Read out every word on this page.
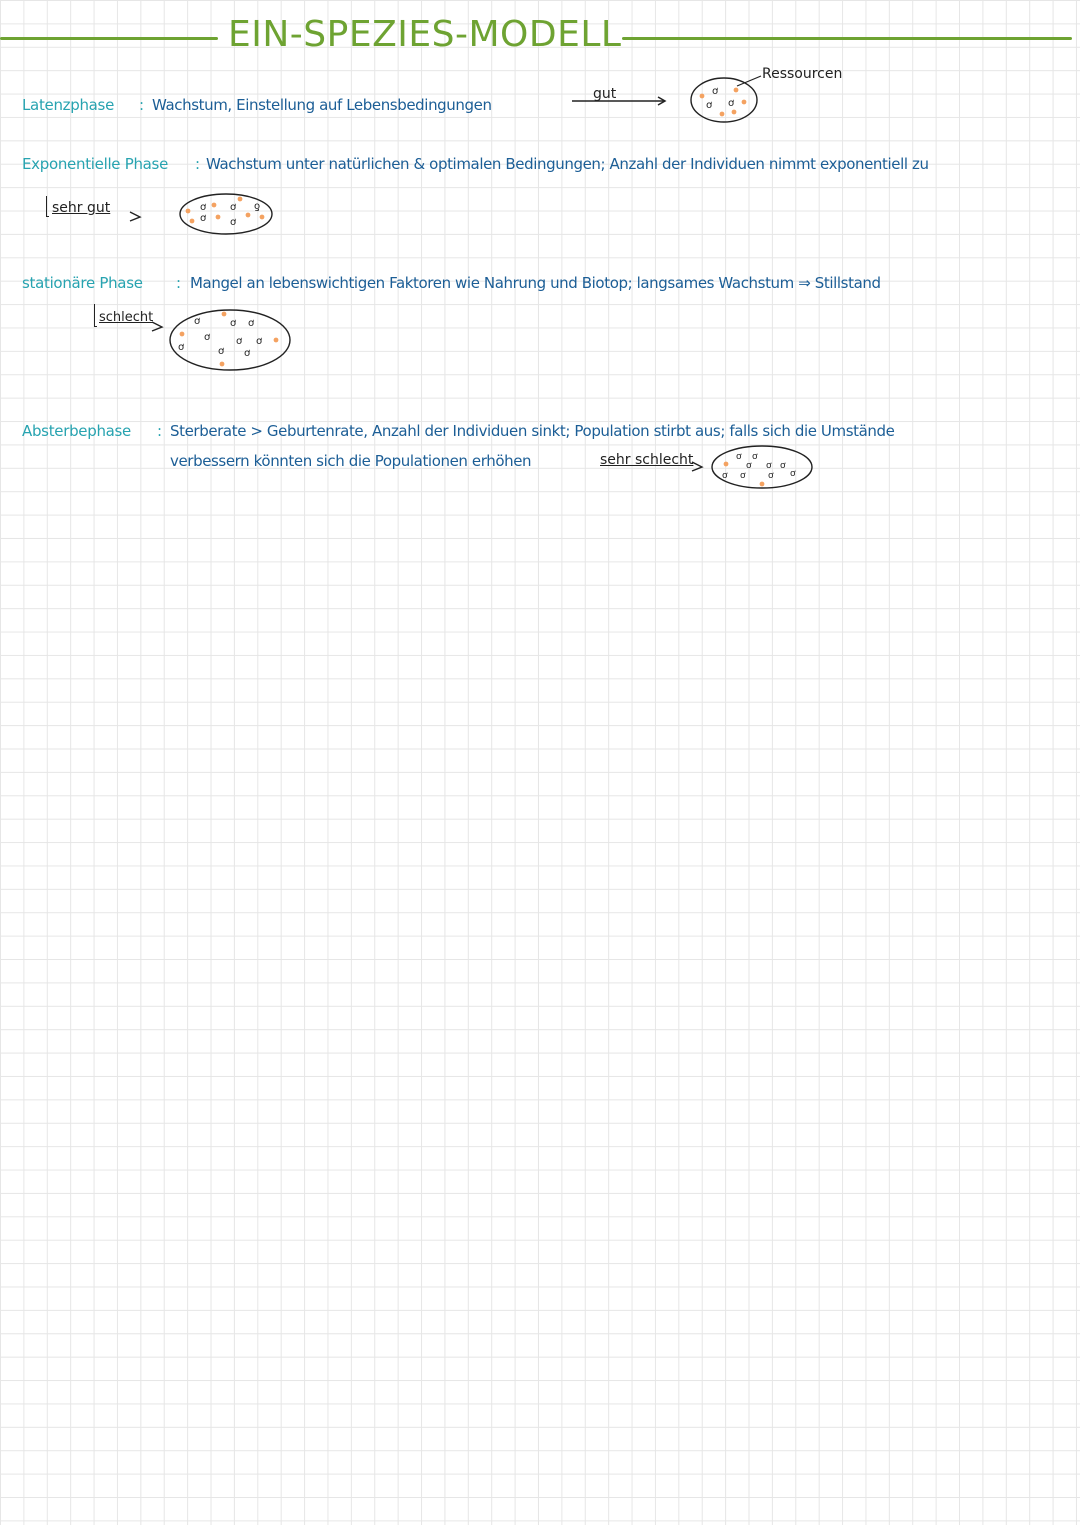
EIN-SPEZIES-MODELL
Latenzphase : Wachstum, Einstellung auf Lebensbedingungen
gut
Ressourcen
ơ
ơ ơ
Exponentielle Phase : Wachstum unter natürlichen & optimalen Bedingungen; Anzahl der Individuen nimmt exponentiell zu
sehr gut	ơ
ơ
ơ
ơ
ƍ
stationäre Phase : Mangel an lebenswichtigen Faktoren wie Nahrung und Biotop; langsames Wachstum ⇒ Stillstand
schlecht	ơ	ơ ơ
ơ	ơ ơ
ơ	ơ ơ
Absterbephase : Sterberate > Geburtenrate, Anzahl der Individuen sinkt; Population stirbt aus; falls sich die Umstände
verbessern könnten sich die Populationen erhöhen	sehr schlecht	ơ ơ
ơ ơ ơ
ơ ơ ơ ơ
